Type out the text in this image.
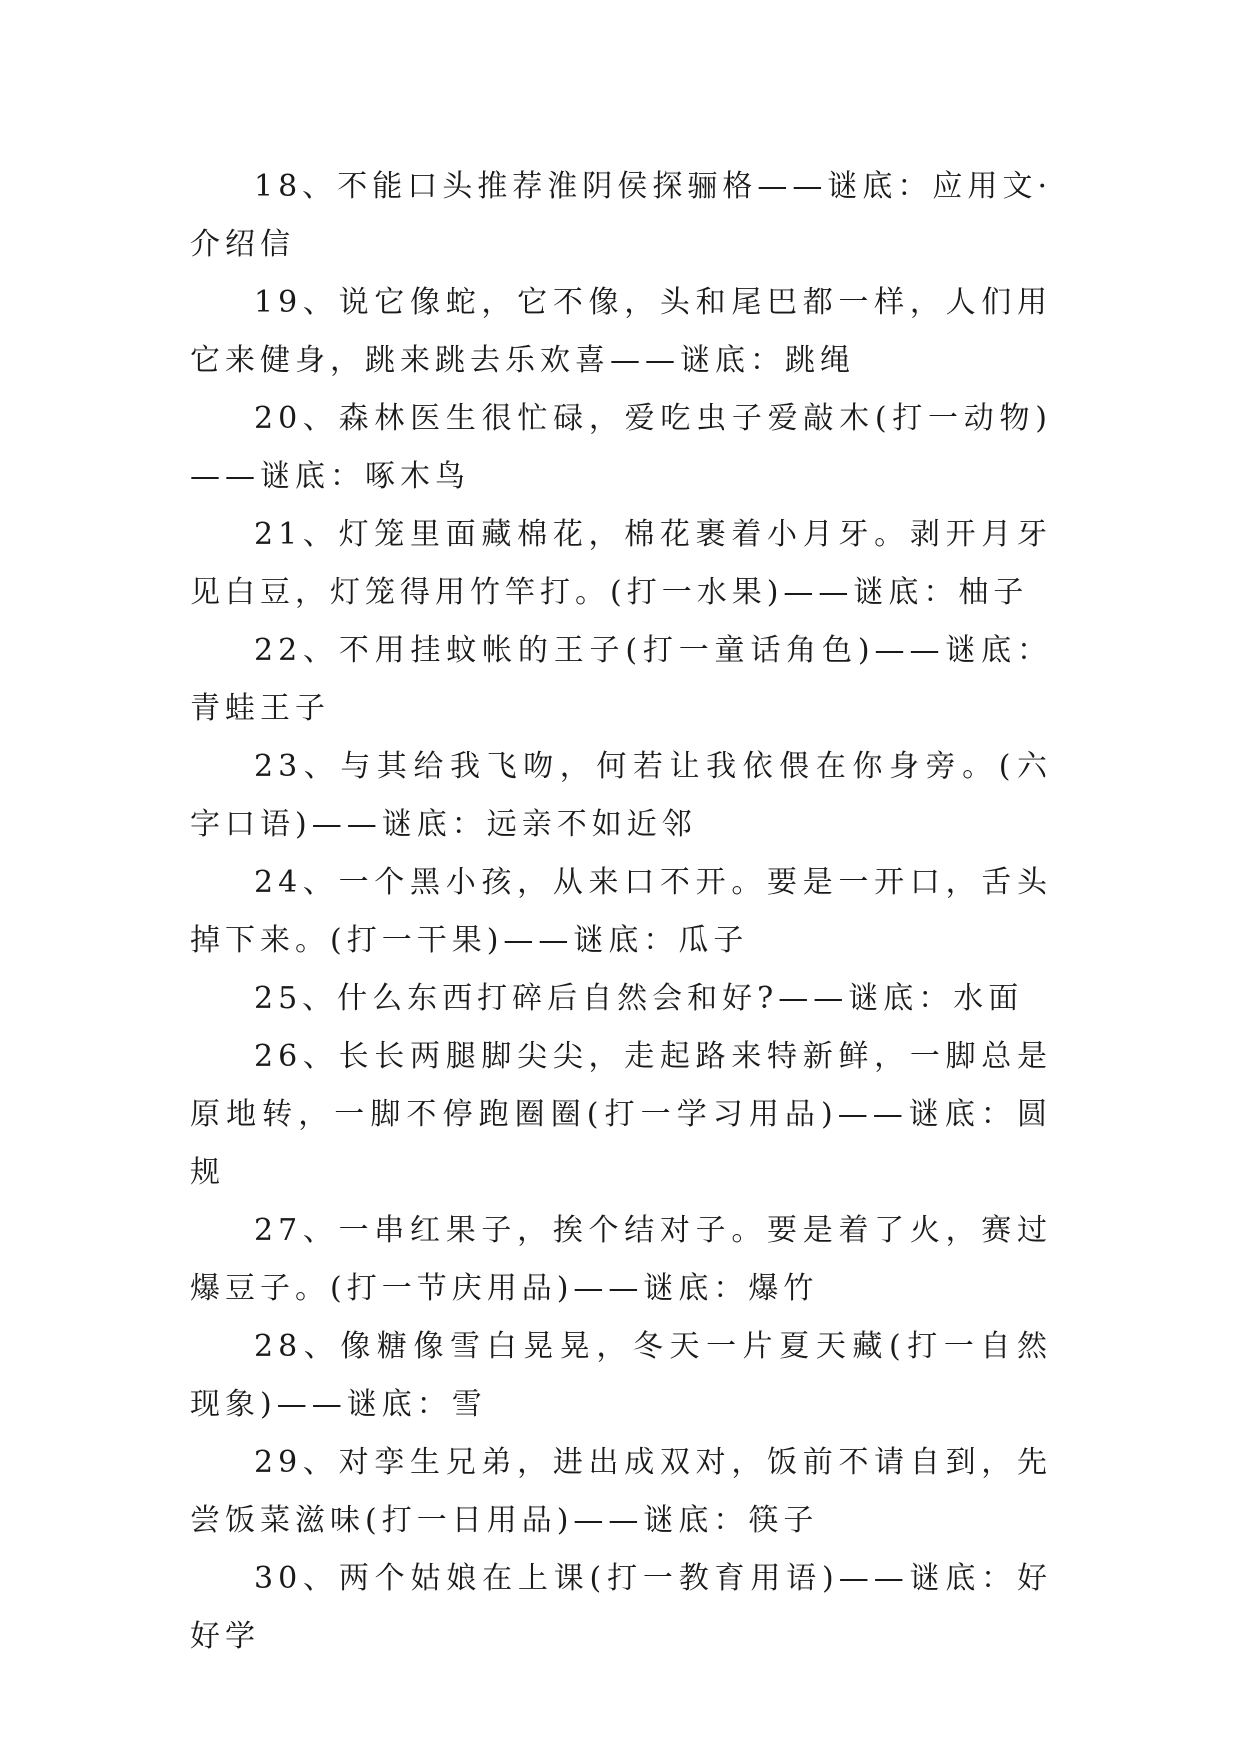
18、不能口头推荐淮阴侯探骊格——谜底：应用文·介绍信

19、说它像蛇，它不像，头和尾巴都一样，人们用它来健身，跳来跳去乐欢喜——谜底：跳绳

20、森林医生很忙碌，爱吃虫子爱敲木(打一动物)——谜底：啄木鸟

21、灯笼里面藏棉花，棉花裹着小月牙。剥开月牙见白豆，灯笼得用竹竿打。(打一水果)——谜底：柚子

22、不用挂蚊帐的王子(打一童话角色)——谜底：青蛙王子

23、与其给我飞吻，何若让我依偎在你身旁。(六字口语)——谜底：远亲不如近邻

24、一个黑小孩，从来口不开。要是一开口，舌头掉下来。(打一干果)——谜底：瓜子

25、什么东西打碎后自然会和好?——谜底：水面

26、长长两腿脚尖尖，走起路来特新鲜，一脚总是原地转，一脚不停跑圈圈(打一学习用品)——谜底：圆规

27、一串红果子，挨个结对子。要是着了火，赛过爆豆子。(打一节庆用品)——谜底：爆竹

28、像糖像雪白晃晃，冬天一片夏天藏(打一自然现象)——谜底：雪

29、对孪生兄弟，进出成双对，饭前不请自到，先尝饭菜滋味(打一日用品)——谜底：筷子

30、两个姑娘在上课(打一教育用语)——谜底：好好学
